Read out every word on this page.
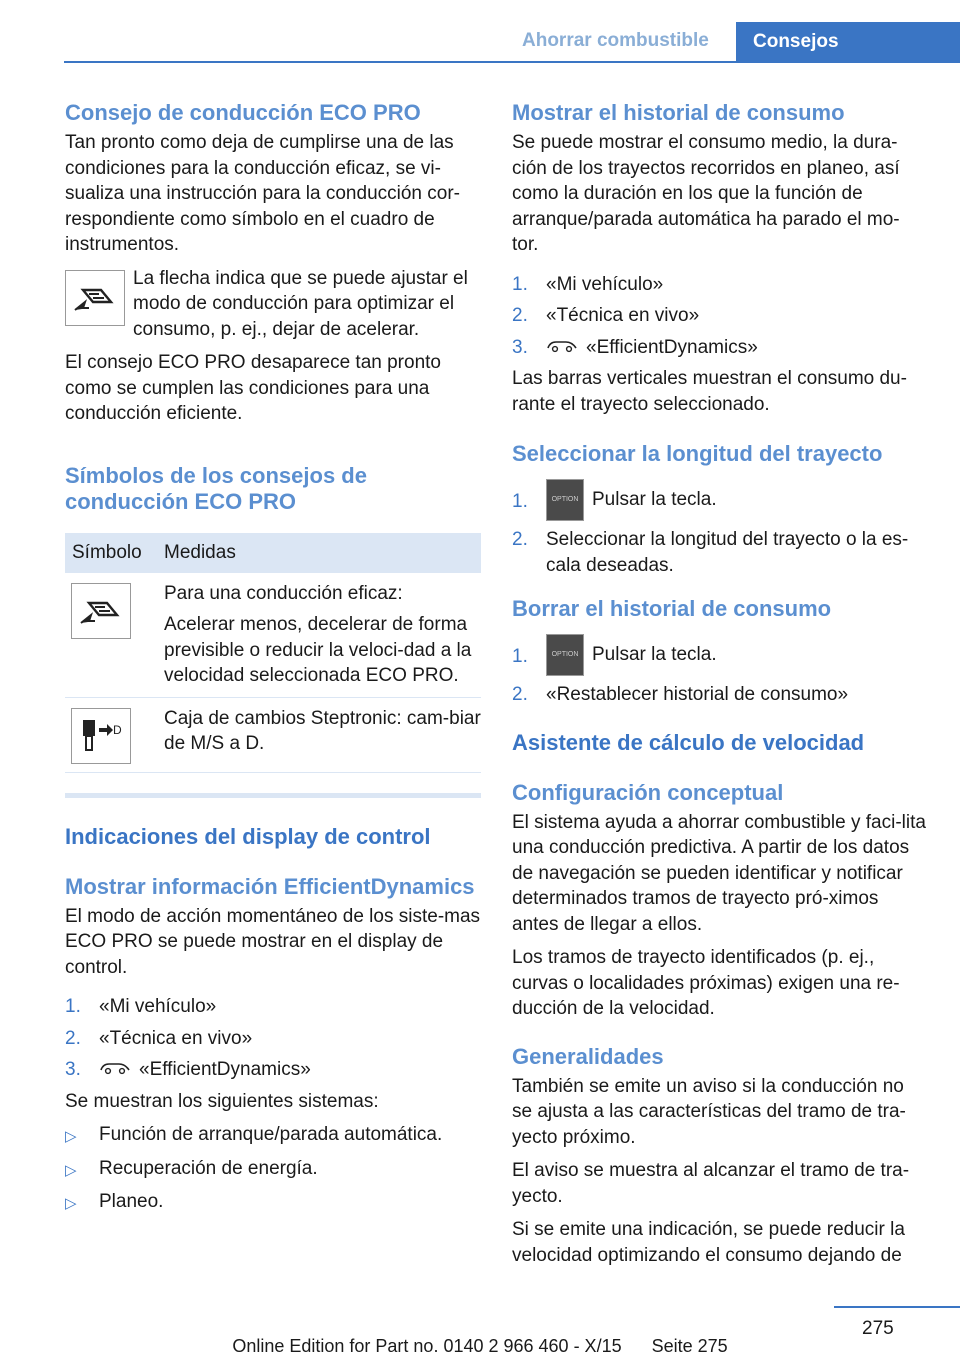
Ahorrar combustible	Consejos
Consejo de conducción ECO PRO

Tan pronto como deja de cumplirse una de las condiciones para la conducción eficaz, se vi-sualiza una instrucción para la conducción cor-respondiente como símbolo en el cuadro de instrumentos.

La flecha indica que se puede ajustar el modo de conducción para optimizar el consumo, p. ej., dejar de acelerar.

El consejo ECO PRO desaparece tan pronto como se cumplen las condiciones para una conducción eficiente.

Símbolos de los consejos de conducción ECO PRO
Símbolo	Medidas

Para una conducción eficaz:

Acelerar menos, decelerar de forma previsible o reducir la veloci-dad a la velocidad seleccionada ECO PRO.

D	Caja de cambios Steptronic: cam-biar de M/S a D.
Indicaciones del display de control
Mostrar información EfficientDynamics

El modo de acción momentáneo de los siste-mas ECO PRO se puede mostrar en el display de control.

1. «Mi vehículo»
2. «Técnica en vivo»
3.	«EfficientDynamics»

Se muestran los siguientes sistemas:

▷	Función de arranque/parada automática.
▷	Recuperación de energía.
▷	Planeo.
Mostrar el historial de consumo

Se puede mostrar el consumo medio, la dura-ción de los trayectos recorridos en planeo, así como la duración en los que la función de arranque/parada automática ha parado el mo-tor.

1. «Mi vehículo»
2. «Técnica en vivo»
3.	«EfficientDynamics»

Las barras verticales muestran el consumo du-rante el trayecto seleccionado.

Seleccionar la longitud del trayecto
1.	OPTION Pulsar la tecla.
2. Seleccionar la longitud del trayecto o la es-cala deseadas.
Borrar el historial de consumo
1.	OPTION Pulsar la tecla.
2. «Restablecer historial de consumo»
Asistente de cálculo de velocidad
Configuración conceptual

El sistema ayuda a ahorrar combustible y faci-lita una conducción predictiva. A partir de los datos de navegación se pueden identificar y notificar determinados tramos de trayecto pró-ximos antes de llegar a ellos.

Los tramos de trayecto identificados (p. ej., curvas o localidades próximas) exigen una re-ducción de la velocidad.

Generalidades

También se emite un aviso si la conducción no se ajusta a las características del tramo de tra-yecto próximo.

El aviso se muestra al alcanzar el tramo de tra-yecto.

Si se emite una indicación, se puede reducir la velocidad optimizando el consumo dejando de

275
Online Edition for Part no. 0140 2 966 460 - X/15 Seite 275
